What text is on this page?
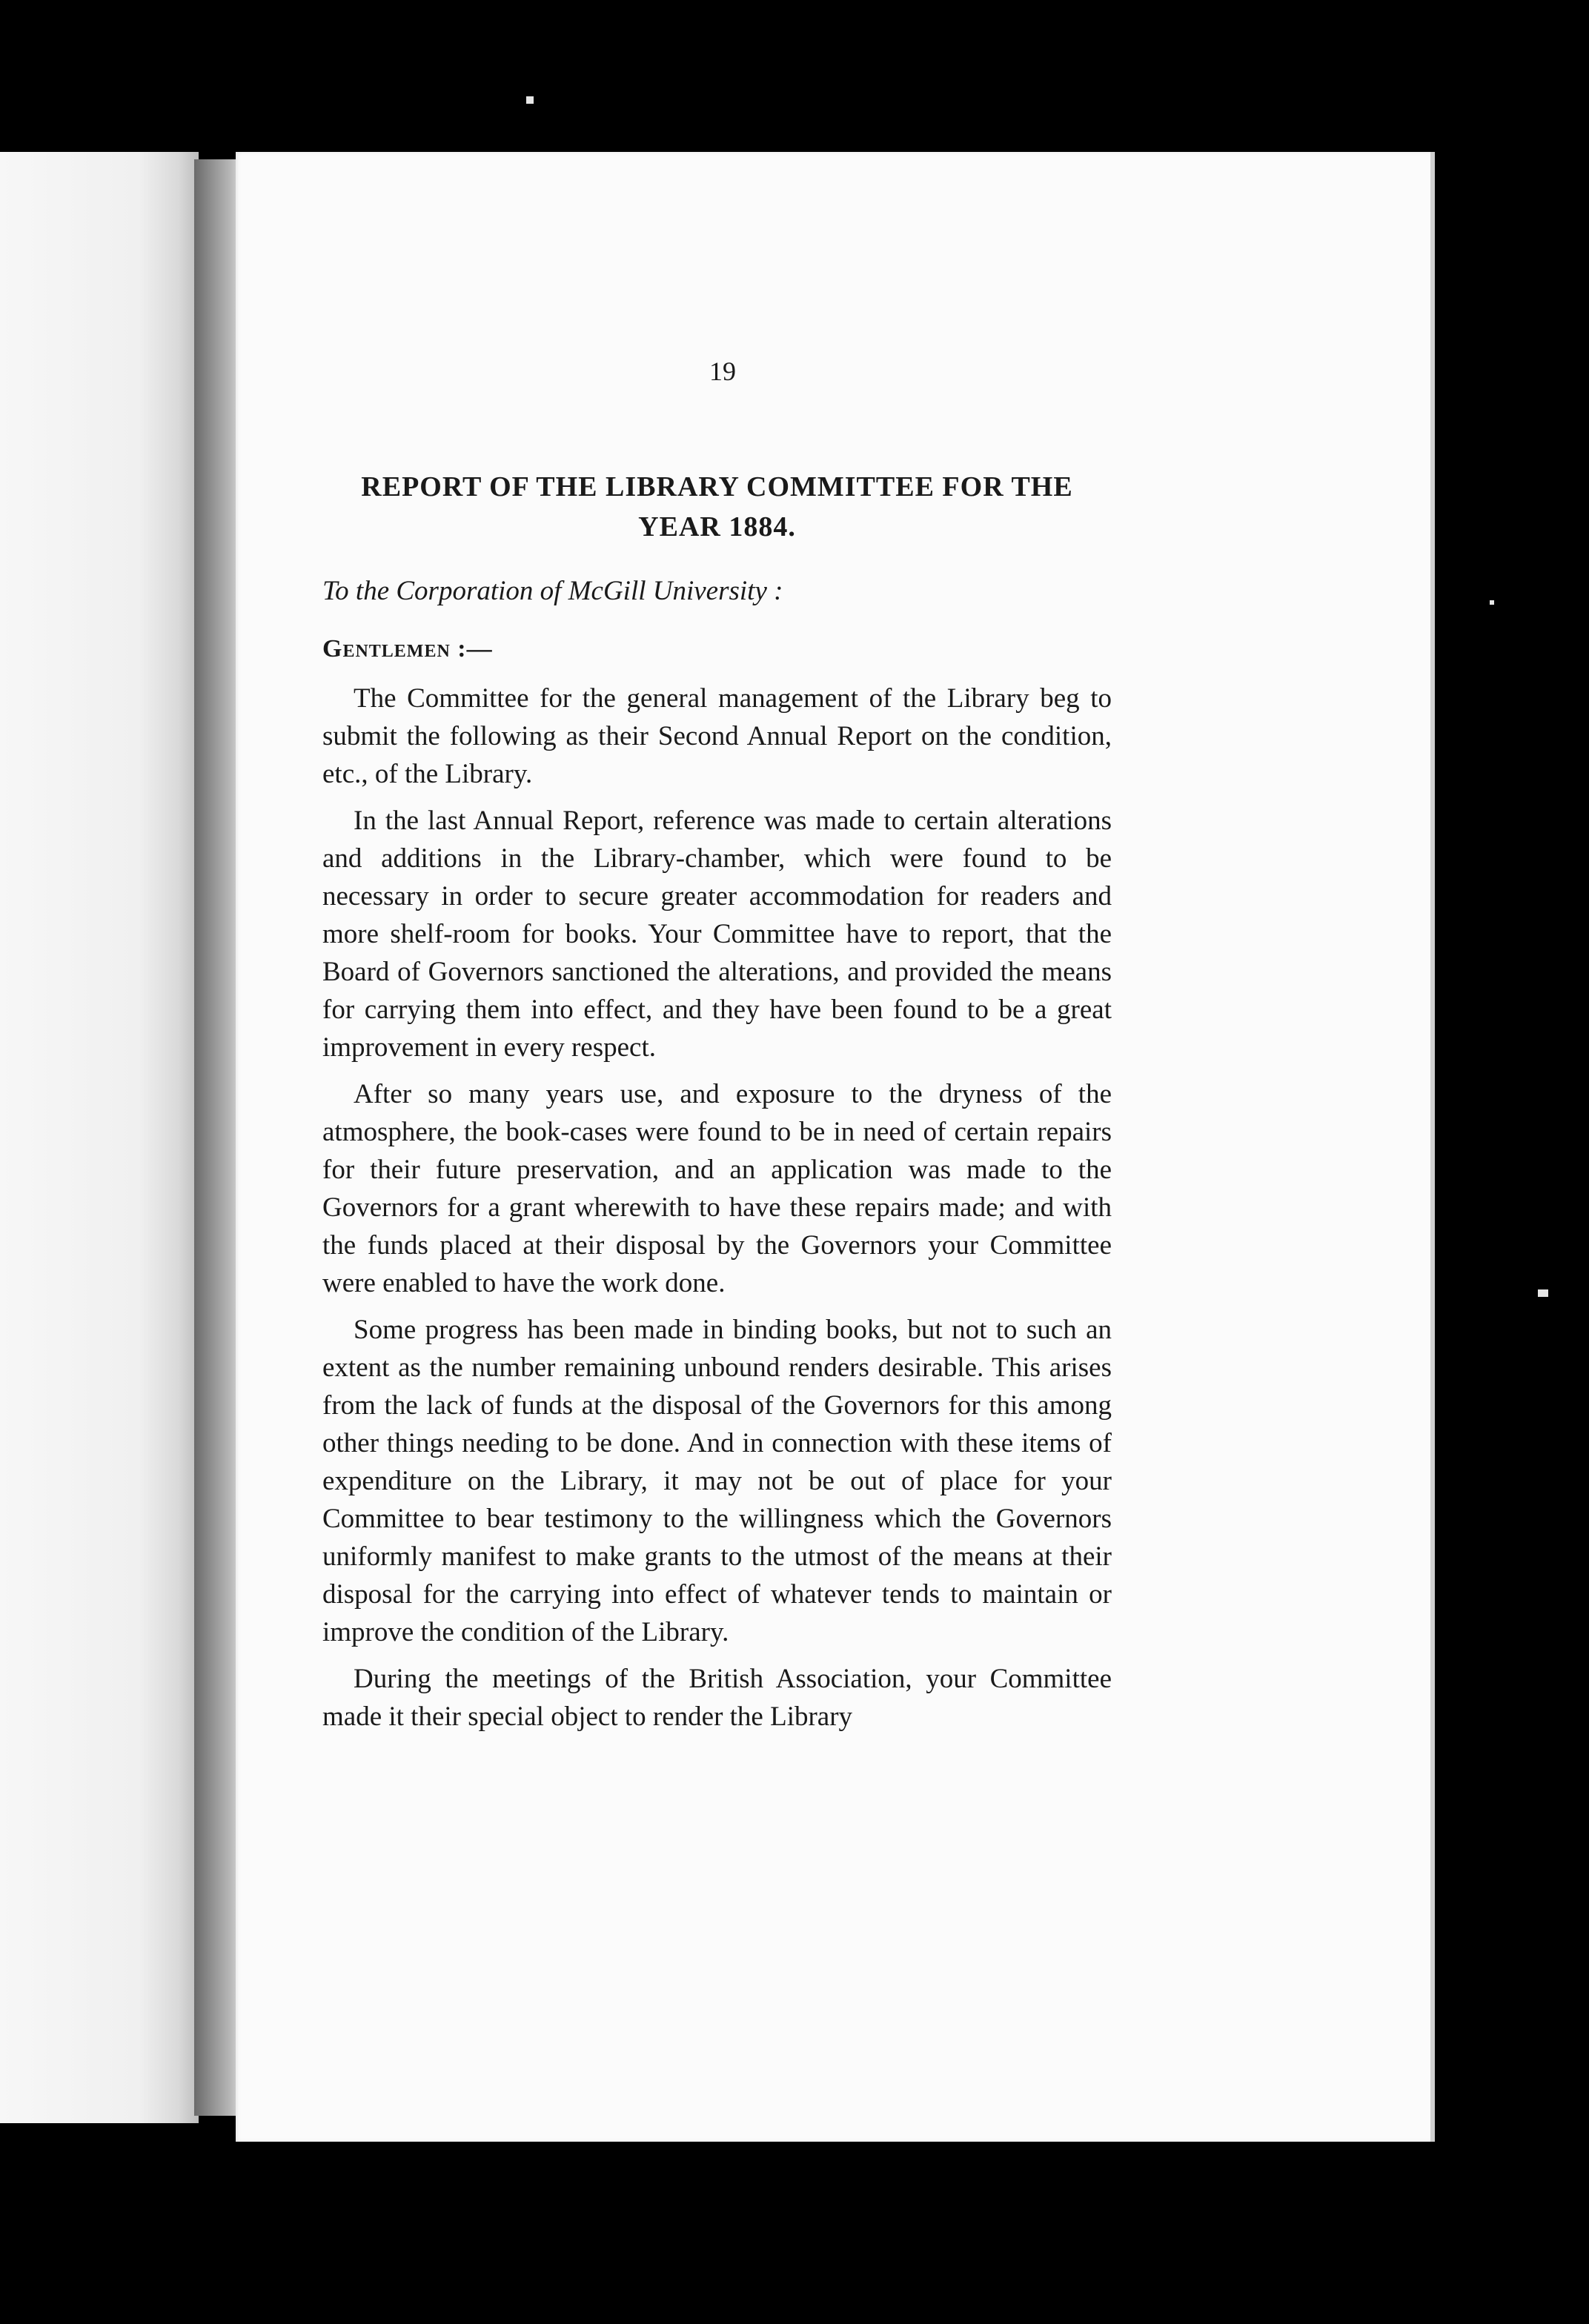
19
REPORT OF THE LIBRARY COMMITTEE FOR THE YEAR 1884.
To the Corporation of McGill University :
Gentlemen :—

The Committee for the general management of the Library beg to submit the following as their Second Annual Report on the condition, etc., of the Library.

In the last Annual Report, reference was made to certain alterations and additions in the Library-chamber, which were found to be necessary in order to secure greater accommodation for readers and more shelf-room for books. Your Committee have to report, that the Board of Governors sanctioned the alterations, and provided the means for carrying them into effect, and they have been found to be a great improvement in every respect.

After so many years use, and exposure to the dryness of the atmosphere, the book-cases were found to be in need of certain repairs for their future preservation, and an application was made to the Governors for a grant wherewith to have these repairs made; and with the funds placed at their disposal by the Governors your Committee were enabled to have the work done.

Some progress has been made in binding books, but not to such an extent as the number remaining unbound renders desirable. This arises from the lack of funds at the disposal of the Governors for this among other things needing to be done. And in connection with these items of expenditure on the Library, it may not be out of place for your Committee to bear testimony to the willingness which the Governors uniformly manifest to make grants to the utmost of the means at their disposal for the carrying into effect of whatever tends to maintain or improve the condition of the Library.

During the meetings of the British Association, your Committee made it their special object to render the Library
